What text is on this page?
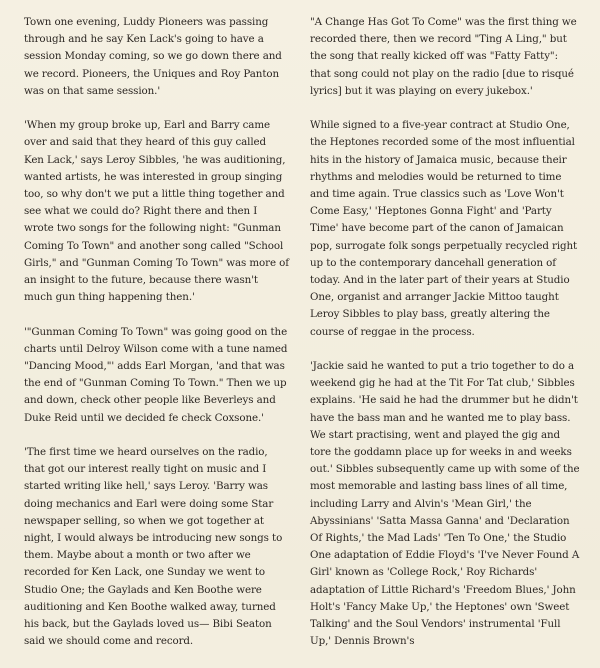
Town one evening, Luddy Pioneers was passing through and he say Ken Lack's going to have a session Monday coming, so we go down there and we record. Pioneers, the Uniques and Roy Panton was on that same session.'

'When my group broke up, Earl and Barry came over and said that they heard of this guy called Ken Lack,' says Leroy Sibbles, 'he was auditioning, wanted artists, he was interested in group singing too, so why don't we put a little thing together and see what we could do? Right there and then I wrote two songs for the following night: "Gunman Coming To Town" and another song called "School Girls," and "Gunman Coming To Town" was more of an insight to the future, because there wasn't much gun thing happening then.'

'"Gunman Coming To Town" was going good on the charts until Delroy Wilson come with a tune named "Dancing Mood,"' adds Earl Morgan, 'and that was the end of "Gunman Coming To Town." Then we up and down, check other people like Beverleys and Duke Reid until we decided fe check Coxsone.'

'The first time we heard ourselves on the radio, that got our interest really tight on music and I started writing like hell,' says Leroy. 'Barry was doing mechanics and Earl were doing some Star newspaper selling, so when we got together at night, I would always be introducing new songs to them. Maybe about a month or two after we recorded for Ken Lack, one Sunday we went to Studio One; the Gaylads and Ken Boothe were auditioning and Ken Boothe walked away, turned his back, but the Gaylads loved us— Bibi Seaton said we should come and record.

"A Change Has Got To Come" was the first thing we recorded there, then we record "Ting A Ling," but the song that really kicked off was "Fatty Fatty": that song could not play on the radio [due to risqué lyrics] but it was playing on every jukebox.'

While signed to a five-year contract at Studio One, the Heptones recorded some of the most influential hits in the history of Jamaica music, because their rhythms and melodies would be returned to time and time again. True classics such as 'Love Won't Come Easy,' 'Heptones Gonna Fight' and 'Party Time' have become part of the canon of Jamaican pop, surrogate folk songs perpetually recycled right up to the contemporary dancehall generation of today. And in the later part of their years at Studio One, organist and arranger Jackie Mittoo taught Leroy Sibbles to play bass, greatly altering the course of reggae in the process.

'Jackie said he wanted to put a trio together to do a weekend gig he had at the Tit For Tat club,' Sibbles explains. 'He said he had the drummer but he didn't have the bass man and he wanted me to play bass. We start practising, went and played the gig and tore the goddamn place up for weeks in and weeks out.' Sibbles subsequently came up with some of the most memorable and lasting bass lines of all time, including Larry and Alvin's 'Mean Girl,' the Abyssinians' 'Satta Massa Ganna' and 'Declaration Of Rights,' the Mad Lads' 'Ten To One,' the Studio One adaptation of Eddie Floyd's 'I've Never Found A Girl' known as 'College Rock,' Roy Richards' adaptation of Little Richard's 'Freedom Blues,' John Holt's 'Fancy Make Up,' the Heptones' own 'Sweet Talking' and the Soul Vendors' instrumental 'Full Up,' Dennis Brown's
